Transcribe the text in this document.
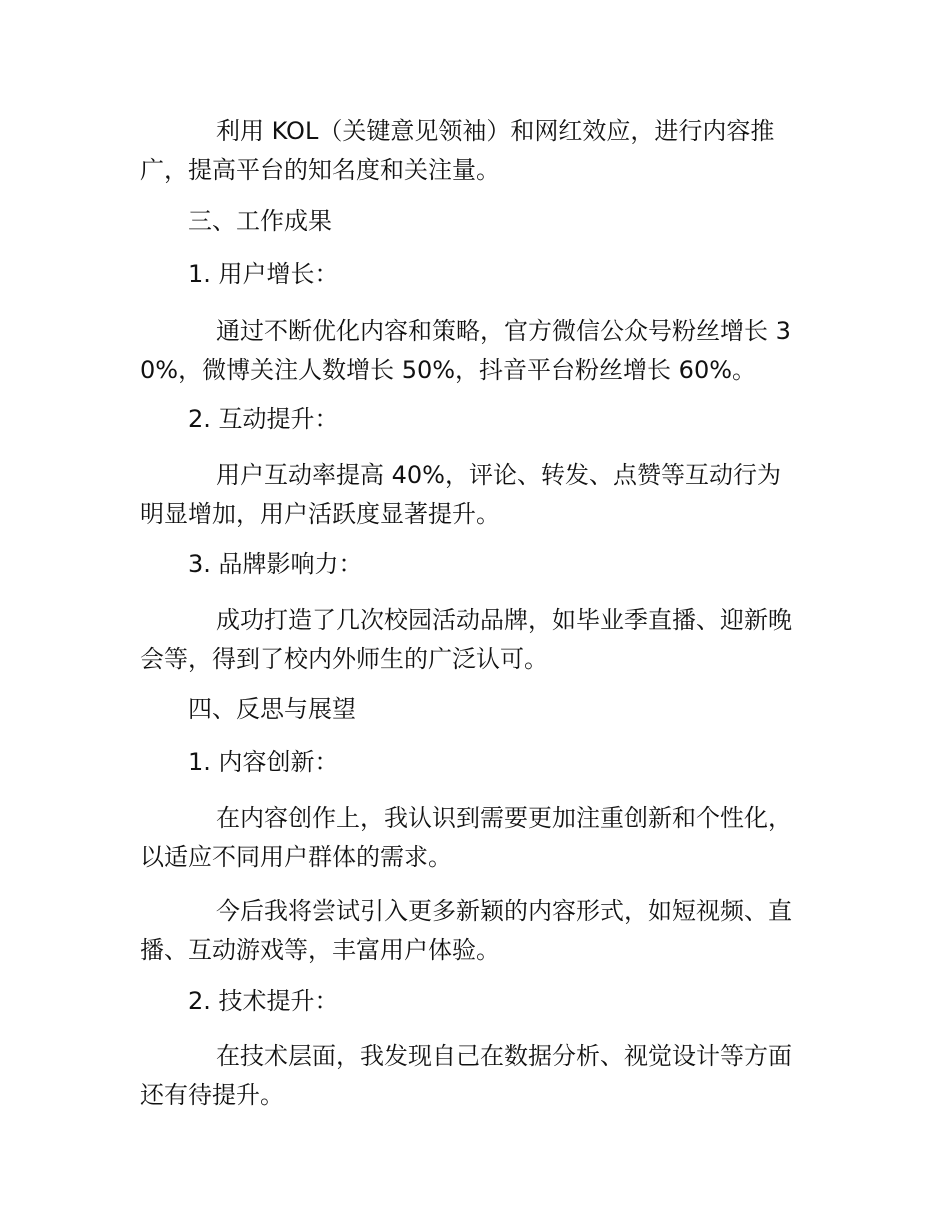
利用 KOL（关键意见领袖）和网红效应，进行内容推广，提高平台的知名度和关注量。
三、工作成果
1. 用户增长：
通过不断优化内容和策略，官方微信公众号粉丝增长 30%，微博关注人数增长 50%，抖音平台粉丝增长 60%。
2. 互动提升：
用户互动率提高 40%，评论、转发、点赞等互动行为明显增加，用户活跃度显著提升。
3. 品牌影响力：
成功打造了几次校园活动品牌，如毕业季直播、迎新晚会等，得到了校内外师生的广泛认可。
四、反思与展望
1. 内容创新：
在内容创作上，我认识到需要更加注重创新和个性化，以适应不同用户群体的需求。
今后我将尝试引入更多新颖的内容形式，如短视频、直播、互动游戏等，丰富用户体验。
2. 技术提升：
在技术层面，我发现自己在数据分析、视觉设计等方面还有待提升。
